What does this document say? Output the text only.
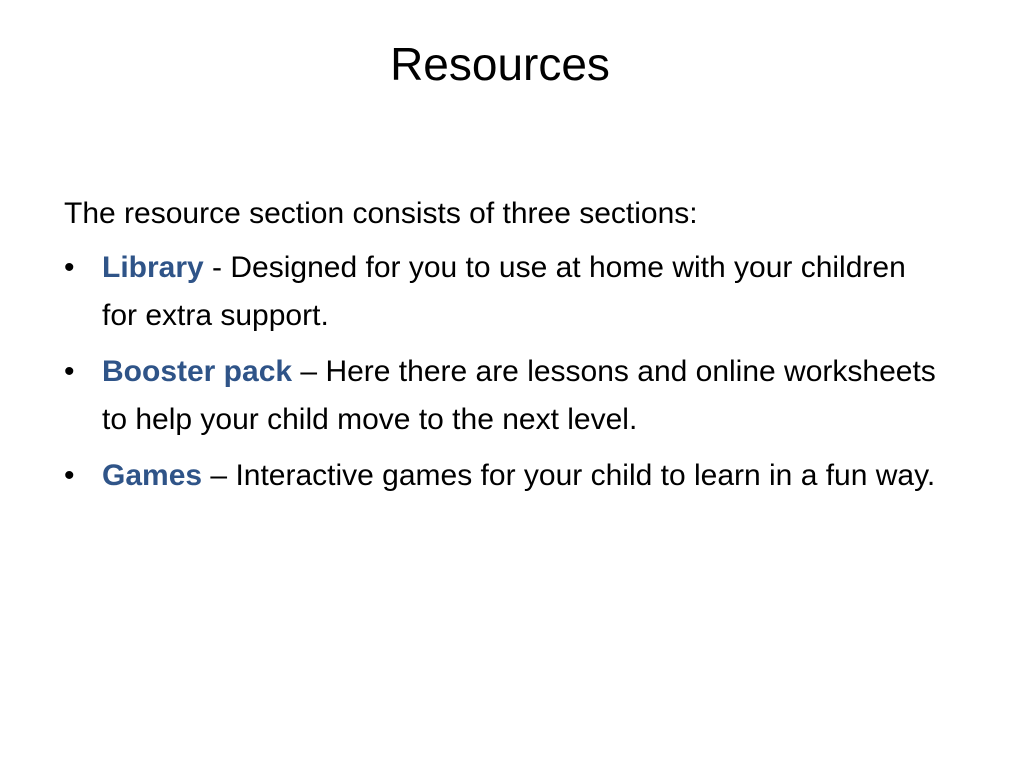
Resources

The resource section consists of three sections:

• Library - Designed for you to use at home with your children for extra support.
• Booster pack – Here there are lessons and online worksheets to help your child move to the next level.
• Games – Interactive games for your child to learn in a fun way.
